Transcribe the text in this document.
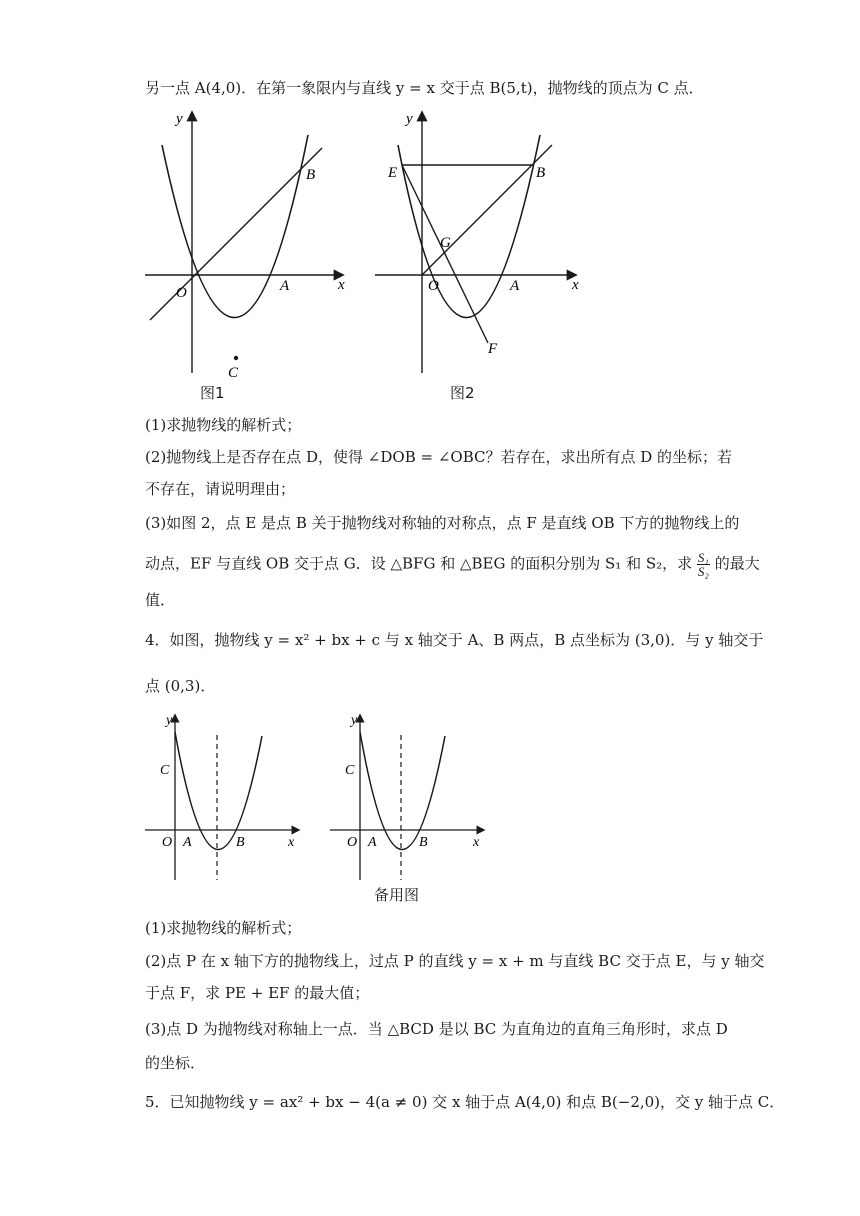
另一点 A(4,0)．在第一象限内与直线 y = x 交于点 B(5,t)，抛物线的顶点为 C 点．
x
y
O	A
B
C
图1
x
y
O	A
B
E
G
F
图2
(1)求抛物线的解析式；
(2)抛物线上是否存在点 D，使得 ∠DOB = ∠OBC？若存在，求出所有点 D 的坐标；若
不存在，请说明理由；
(3)如图 2，点 E 是点 B 关于抛物线对称轴的对称点，点 F 是直线 OB 下方的抛物线上的
动点，EF 与直线 OB 交于点 G．设 △BFG 和 △BEG 的面积分别为 S₁ 和 S₂，求 $\frac{\text{S₁}}{\text{S₂}}$ 的最大
值．
4．如图，抛物线 y = x² + bx + c 与 x 轴交于 A、B 两点，B 点坐标为 (3,0)．与 y 轴交于
点 (0,3)．
y
x
C
O A	B
y
x
C
O A	B
备用图
(1)求抛物线的解析式；
(2)点 P 在 x 轴下方的抛物线上，过点 P 的直线 y = x + m 与直线 BC 交于点 E，与 y 轴交
于点 F，求 PE + EF 的最大值；
(3)点 D 为抛物线对称轴上一点．当 △BCD 是以 BC 为直角边的直角三角形时，求点 D
的坐标．
5．已知抛物线 y = ax² + bx − 4(a ≠ 0) 交 x 轴于点 A(4,0) 和点 B(−2,0)，交 y 轴于点 C．
